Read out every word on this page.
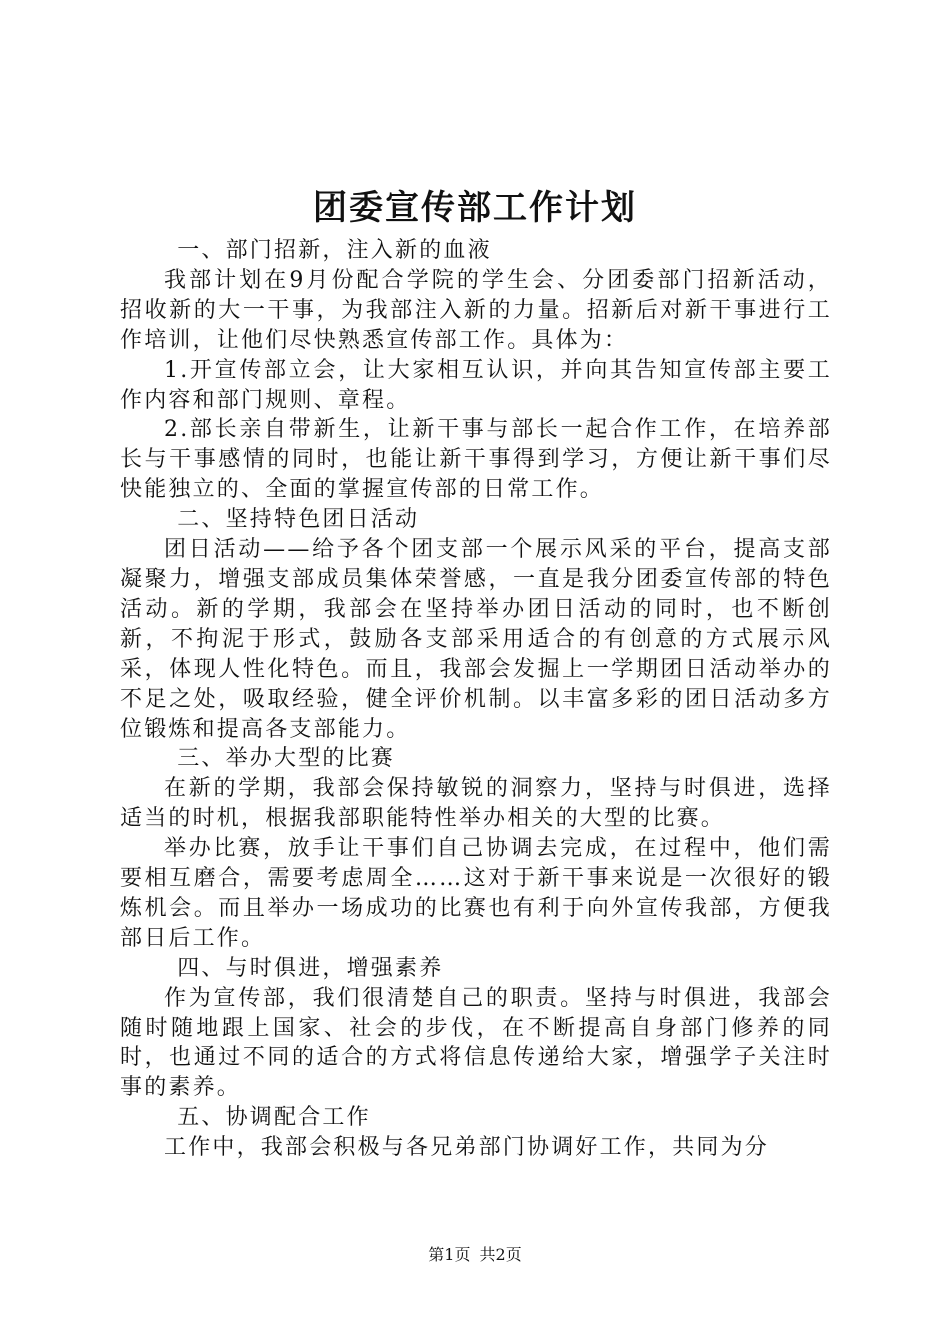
团委宣传部工作计划

一、部门招新，注入新的血液

我部计划在9月份配合学院的学生会、分团委部门招新活动，招收新的大一干事，为我部注入新的力量。招新后对新干事进行工作培训，让他们尽快熟悉宣传部工作。具体为：

1.开宣传部立会，让大家相互认识，并向其告知宣传部主要工作内容和部门规则、章程。

2.部长亲自带新生，让新干事与部长一起合作工作，在培养部长与干事感情的同时，也能让新干事得到学习，方便让新干事们尽快能独立的、全面的掌握宣传部的日常工作。

二、坚持特色团日活动

团日活动——给予各个团支部一个展示风采的平台，提高支部凝聚力，增强支部成员集体荣誉感，一直是我分团委宣传部的特色活动。新的学期，我部会在坚持举办团日活动的同时，也不断创新，不拘泥于形式，鼓励各支部采用适合的有创意的方式展示风采，体现人性化特色。而且，我部会发掘上一学期团日活动举办的不足之处，吸取经验，健全评价机制。以丰富多彩的团日活动多方位锻炼和提高各支部能力。

三、举办大型的比赛

在新的学期，我部会保持敏锐的洞察力，坚持与时俱进，选择适当的时机，根据我部职能特性举办相关的大型的比赛。

举办比赛，放手让干事们自己协调去完成，在过程中，他们需要相互磨合，需要考虑周全……这对于新干事来说是一次很好的锻炼机会。而且举办一场成功的比赛也有利于向外宣传我部，方便我部日后工作。

四、与时俱进，增强素养

作为宣传部，我们很清楚自己的职责。坚持与时俱进，我部会随时随地跟上国家、社会的步伐，在不断提高自身部门修养的同时，也通过不同的适合的方式将信息传递给大家，增强学子关注时事的素养。

五、协调配合工作

工作中，我部会积极与各兄弟部门协调好工作，共同为分

第1页 共2页
